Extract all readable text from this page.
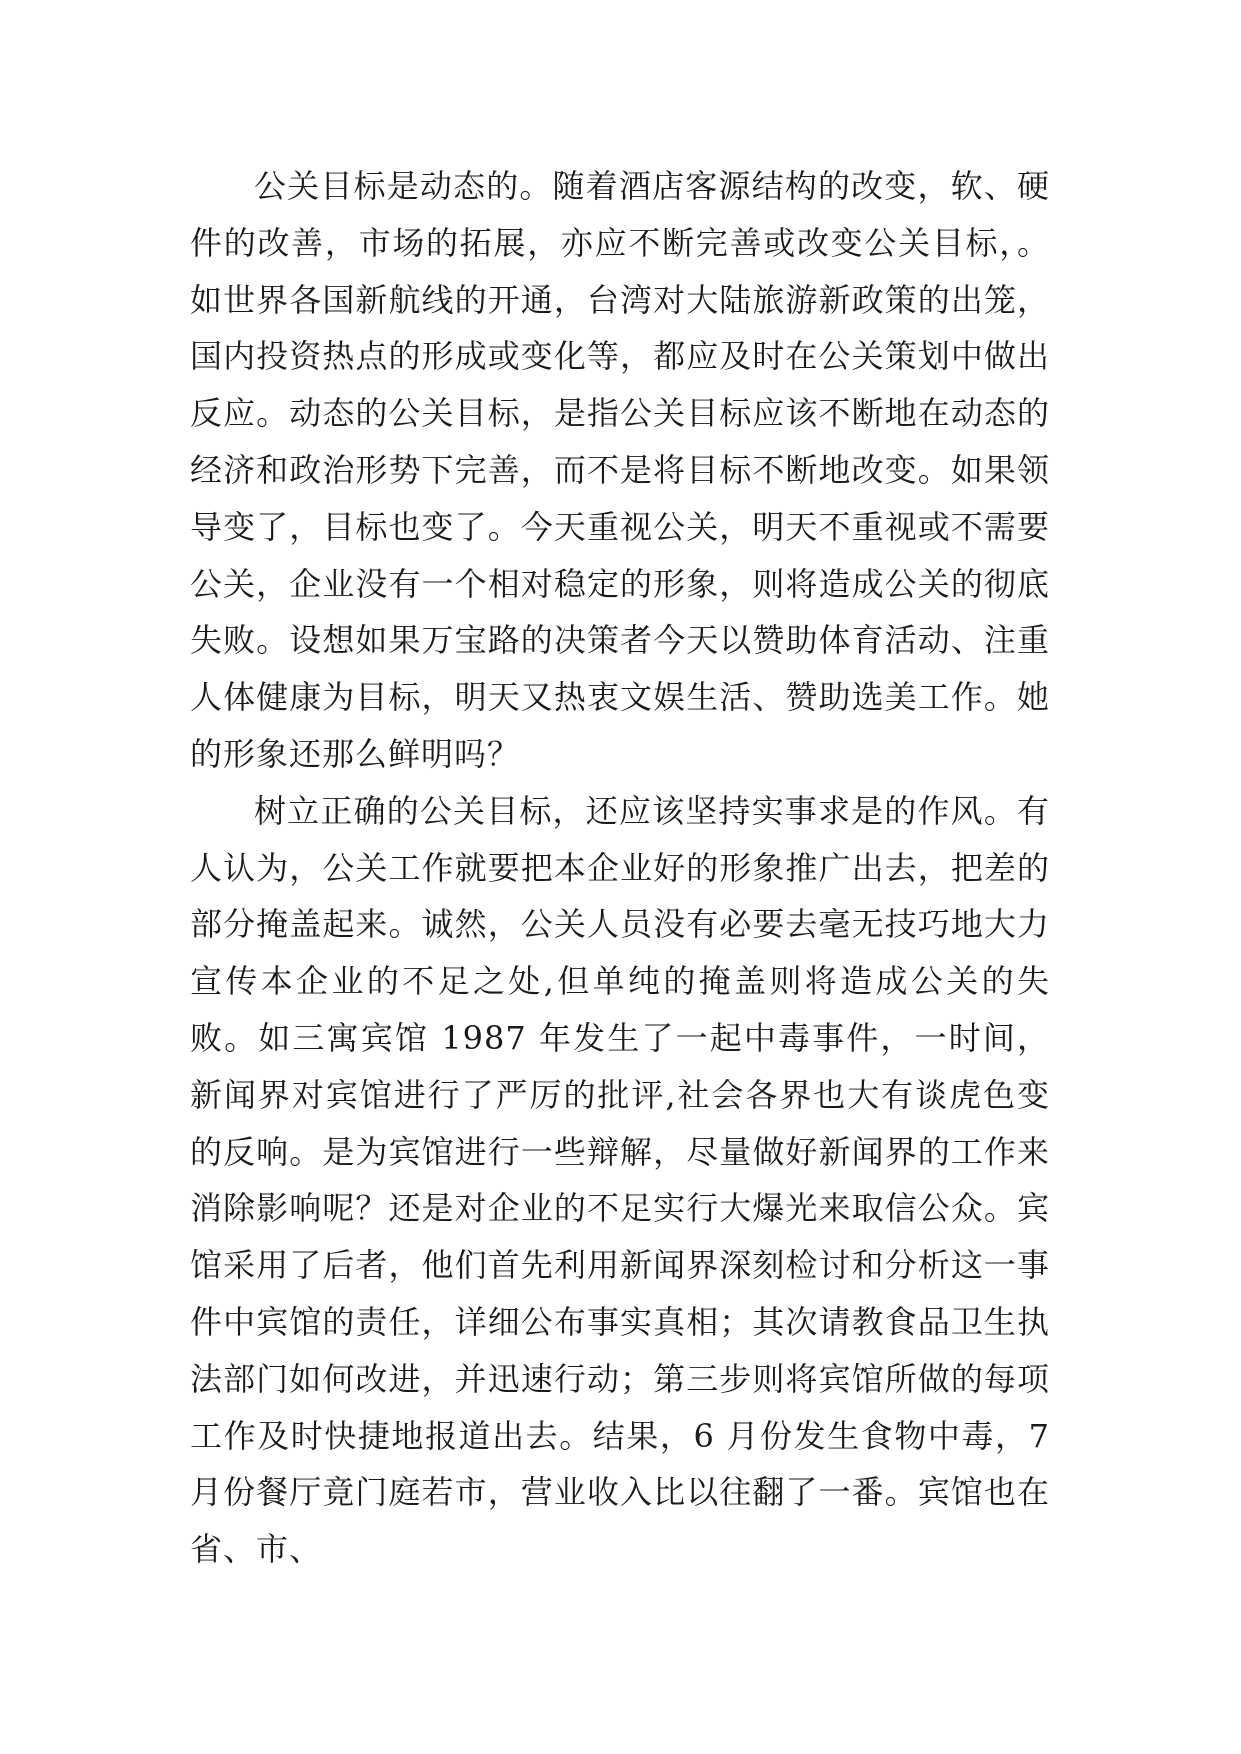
公关目标是动态的。随着酒店客源结构的改变，软、硬件的改善，市场的拓展，亦应不断完善或改变公关目标，。如世界各国新航线的开通，台湾对大陆旅游新政策的出笼，国内投资热点的形成或变化等，都应及时在公关策划中做出反应。动态的公关目标，是指公关目标应该不断地在动态的经济和政治形势下完善，而不是将目标不断地改变。如果领导变了，目标也变了。今天重视公关，明天不重视或不需要公关，企业没有一个相对稳定的形象，则将造成公关的彻底失败。设想如果万宝路的决策者今天以赞助体育活动、注重人体健康为目标，明天又热衷文娱生活、赞助选美工作。她的形象还那么鲜明吗？

树立正确的公关目标，还应该坚持实事求是的作风。有人认为，公关工作就要把本企业好的形象推广出去，把差的部分掩盖起来。诚然，公关人员没有必要去毫无技巧地大力宣传本企业的不足之处,但单纯的掩盖则将造成公关的失败。如三寓宾馆 1987 年发生了一起中毒事件，一时间，新闻界对宾馆进行了严厉的批评,社会各界也大有谈虎色变的反响。是为宾馆进行一些辩解，尽量做好新闻界的工作来消除影响呢？还是对企业的不足实行大爆光来取信公众。宾馆采用了后者，他们首先利用新闻界深刻检讨和分析这一事件中宾馆的责任，详细公布事实真相；其次请教食品卫生执法部门如何改进，并迅速行动；第三步则将宾馆所做的每项工作及时快捷地报道出去。结果，6 月份发生食物中毒，7 月份餐厅竟门庭若市，营业收入比以往翻了一番。宾馆也在省、市、
